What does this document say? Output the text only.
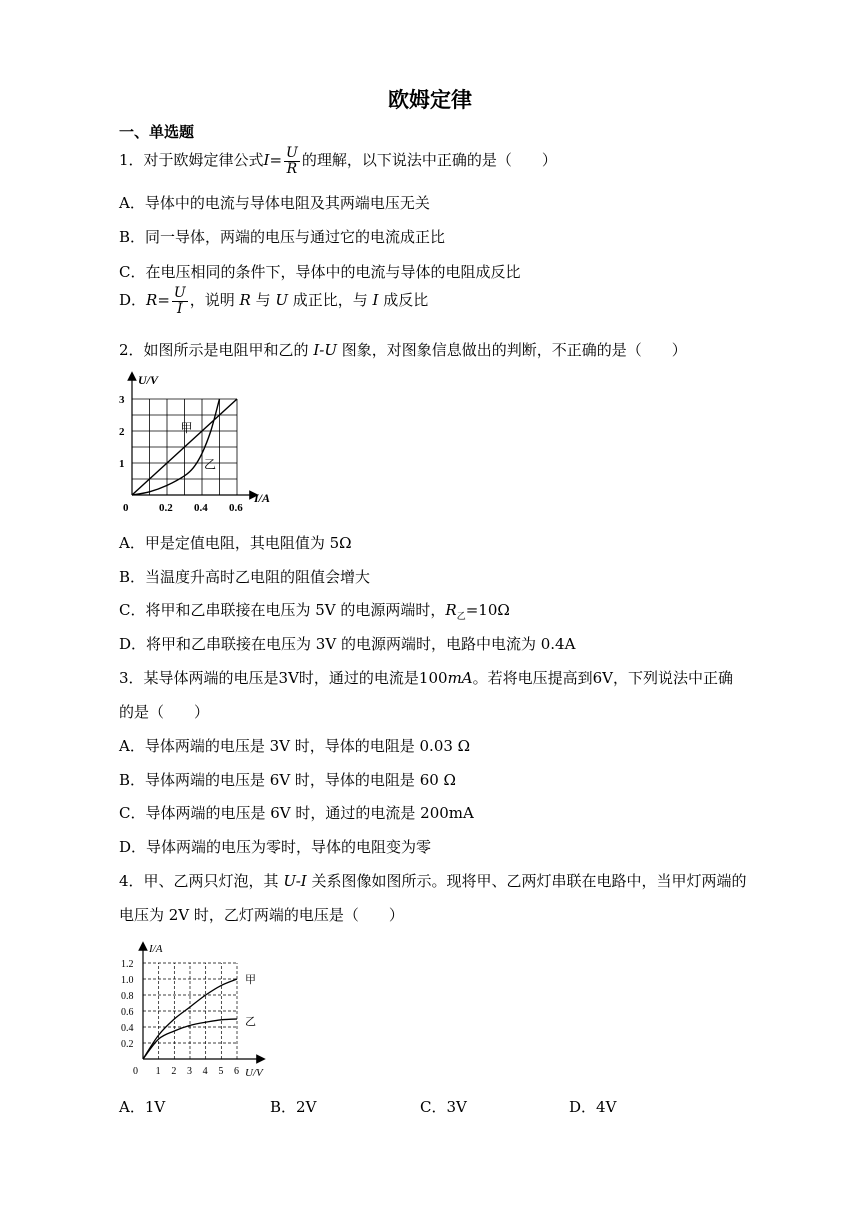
欧姆定律
一、单选题
1．对于欧姆定律公式$I= \frac{U}{R}$ 的理解，以下说法中正确的是（　　）
A．导体中的电流与导体电阻及其两端电压无关
B．同一导体，两端的电压与通过它的电流成正比
C．在电压相同的条件下，导体中的电流与导体的电阻成反比
D．$R= \frac{U}{I}$ ，说明 R 与 U 成正比，与 I 成反比
2．如图所示是电阻甲和乙的 I-U 图象，对图象信息做出的判断，不正确的是（　　）
0	0.2 0.4 0.6
1
2
3
甲
乙
U/V
I/A
A．甲是定值电阻，其电阻值为 5Ω
B．当温度升高时乙电阻的阻值会增大
C．将甲和乙串联接在电压为 5V 的电源两端时，$R_乙=10\Omega$
D．将甲和乙串联接在电压为 3V 的电源两端时，电路中电流为 0.4A
3．某导体两端的电压是3V时，通过的电流是100mA。若将电压提高到6V，下列说法中正确
的是（　　）
A．导体两端的电压是 3V 时，导体的电阻是 0.03 Ω
B．导体两端的电压是 6V 时，导体的电阻是 60 Ω
C．导体两端的电压是 6V 时，通过的电流是 200mA
D．导体两端的电压为零时，导体的电阻变为零
4．甲、乙两只灯泡，其 U-I 关系图像如图所示。现将甲、乙两灯串联在电路中，当甲灯两端的
电压为 2V 时，乙灯两端的电压是（　　）
0 1 2 3 4 5 6
0.2
0.4
0.6
0.8
1.0
1.2
甲
乙
I/A
U/V
A．1V	B．2V	C．3V	D．4V
